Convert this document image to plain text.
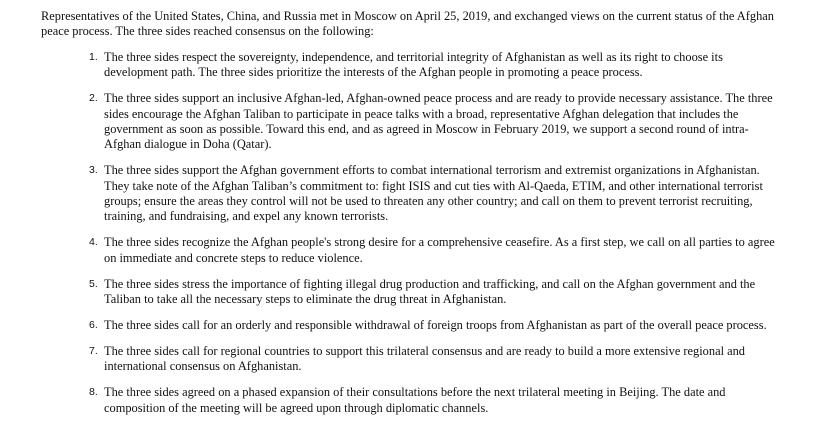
Representatives of the United States, China, and Russia met in Moscow on April 25, 2019, and exchanged views on the current status of the Afghan peace process. The three sides reached consensus on the following:

1. The three sides respect the sovereignty, independence, and territorial integrity of Afghanistan as well as its right to choose its development path. The three sides prioritize the interests of the Afghan people in promoting a peace process.
2. The three sides support an inclusive Afghan-led, Afghan-owned peace process and are ready to provide necessary assistance. The three sides encourage the Afghan Taliban to participate in peace talks with a broad, representative Afghan delegation that includes the government as soon as possible. Toward this end, and as agreed in Moscow in February 2019, we support a second round of intra-Afghan dialogue in Doha (Qatar).
3. The three sides support the Afghan government efforts to combat international terrorism and extremist organizations in Afghanistan. They take note of the Afghan Taliban’s commitment to: fight ISIS and cut ties with Al-Qaeda, ETIM, and other international terrorist groups; ensure the areas they control will not be used to threaten any other country; and call on them to prevent terrorist recruiting, training, and fundraising, and expel any known terrorists.
4. The three sides recognize the Afghan people's strong desire for a comprehensive ceasefire. As a first step, we call on all parties to agree on immediate and concrete steps to reduce violence.
5. The three sides stress the importance of fighting illegal drug production and trafficking, and call on the Afghan government and the Taliban to take all the necessary steps to eliminate the drug threat in Afghanistan.
6. The three sides call for an orderly and responsible withdrawal of foreign troops from Afghanistan as part of the overall peace process.
7. The three sides call for regional countries to support this trilateral consensus and are ready to build a more extensive regional and international consensus on Afghanistan.
8. The three sides agreed on a phased expansion of their consultations before the next trilateral meeting in Beijing. The date and composition of the meeting will be agreed upon through diplomatic channels.
